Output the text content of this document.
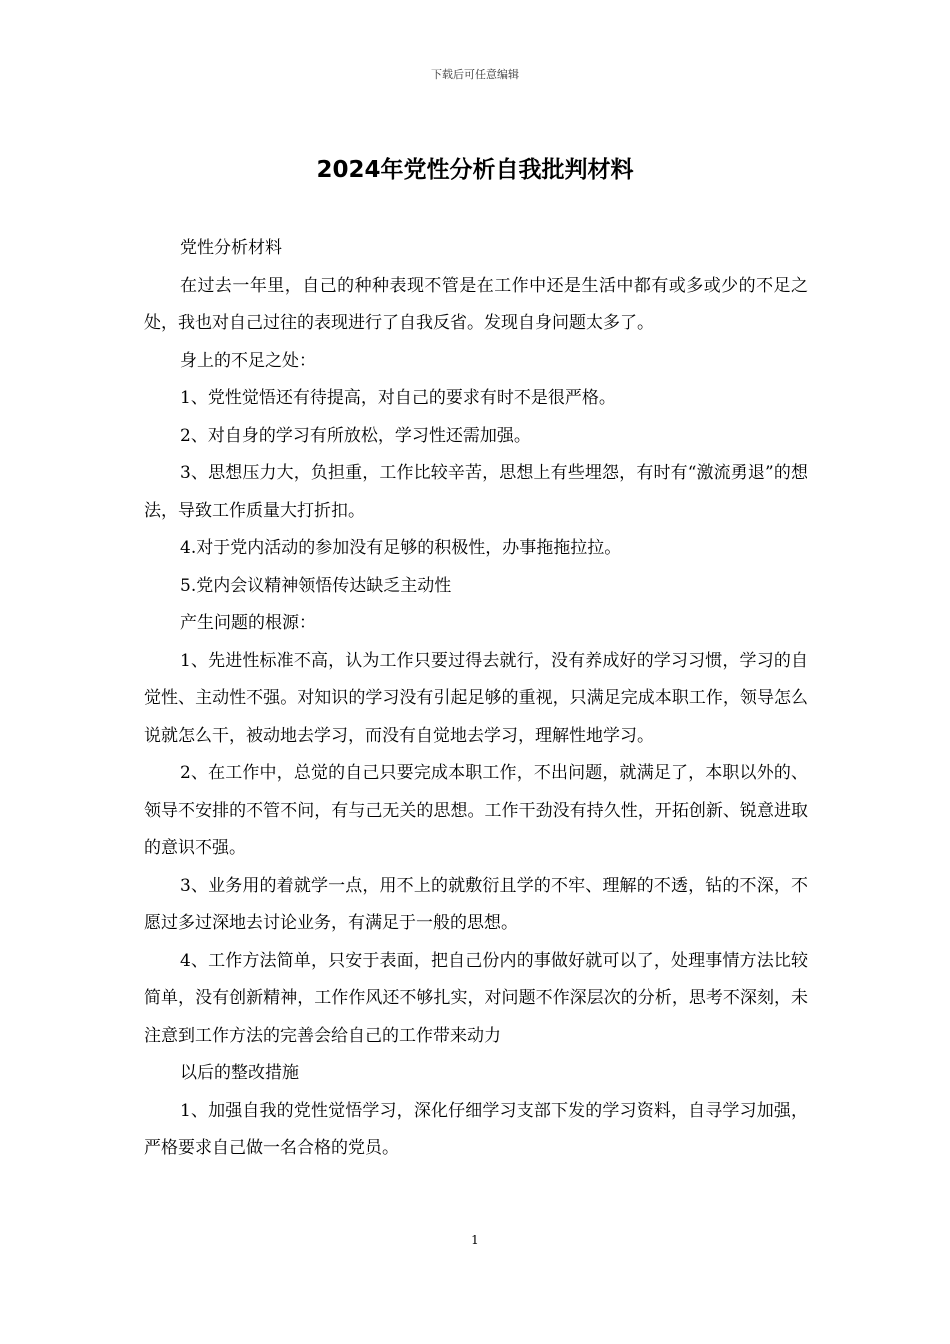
下载后可任意编辑
2024年党性分析自我批判材料

党性分析材料

在过去一年里，自己的种种表现不管是在工作中还是生活中都有或多或少的不足之处，我也对自己过往的表现进行了自我反省。发现自身问题太多了。

身上的不足之处：

1、党性觉悟还有待提高，对自己的要求有时不是很严格。

2、对自身的学习有所放松，学习性还需加强。

3、思想压力大，负担重，工作比较辛苦，思想上有些埋怨，有时有“激流勇退”的想法，导致工作质量大打折扣。

4.对于党内活动的参加没有足够的积极性，办事拖拖拉拉。

5.党内会议精神领悟传达缺乏主动性

产生问题的根源：

1、先进性标准不高，认为工作只要过得去就行，没有养成好的学习习惯，学习的自觉性、主动性不强。对知识的学习没有引起足够的重视，只满足完成本职工作，领导怎么说就怎么干，被动地去学习，而没有自觉地去学习，理解性地学习。

2、在工作中，总觉的自己只要完成本职工作，不出问题，就满足了，本职以外的、领导不安排的不管不问，有与己无关的思想。工作干劲没有持久性，开拓创新、锐意进取的意识不强。

3、业务用的着就学一点，用不上的就敷衍且学的不牢、理解的不透，钻的不深，不愿过多过深地去讨论业务，有满足于一般的思想。

4、工作方法简单，只安于表面，把自己份内的事做好就可以了，处理事情方法比较简单，没有创新精神，工作作风还不够扎实，对问题不作深层次的分析，思考不深刻，未注意到工作方法的完善会给自己的工作带来动力

以后的整改措施

1、加强自我的党性觉悟学习，深化仔细学习支部下发的学习资料，自寻学习加强，严格要求自己做一名合格的党员。

1
